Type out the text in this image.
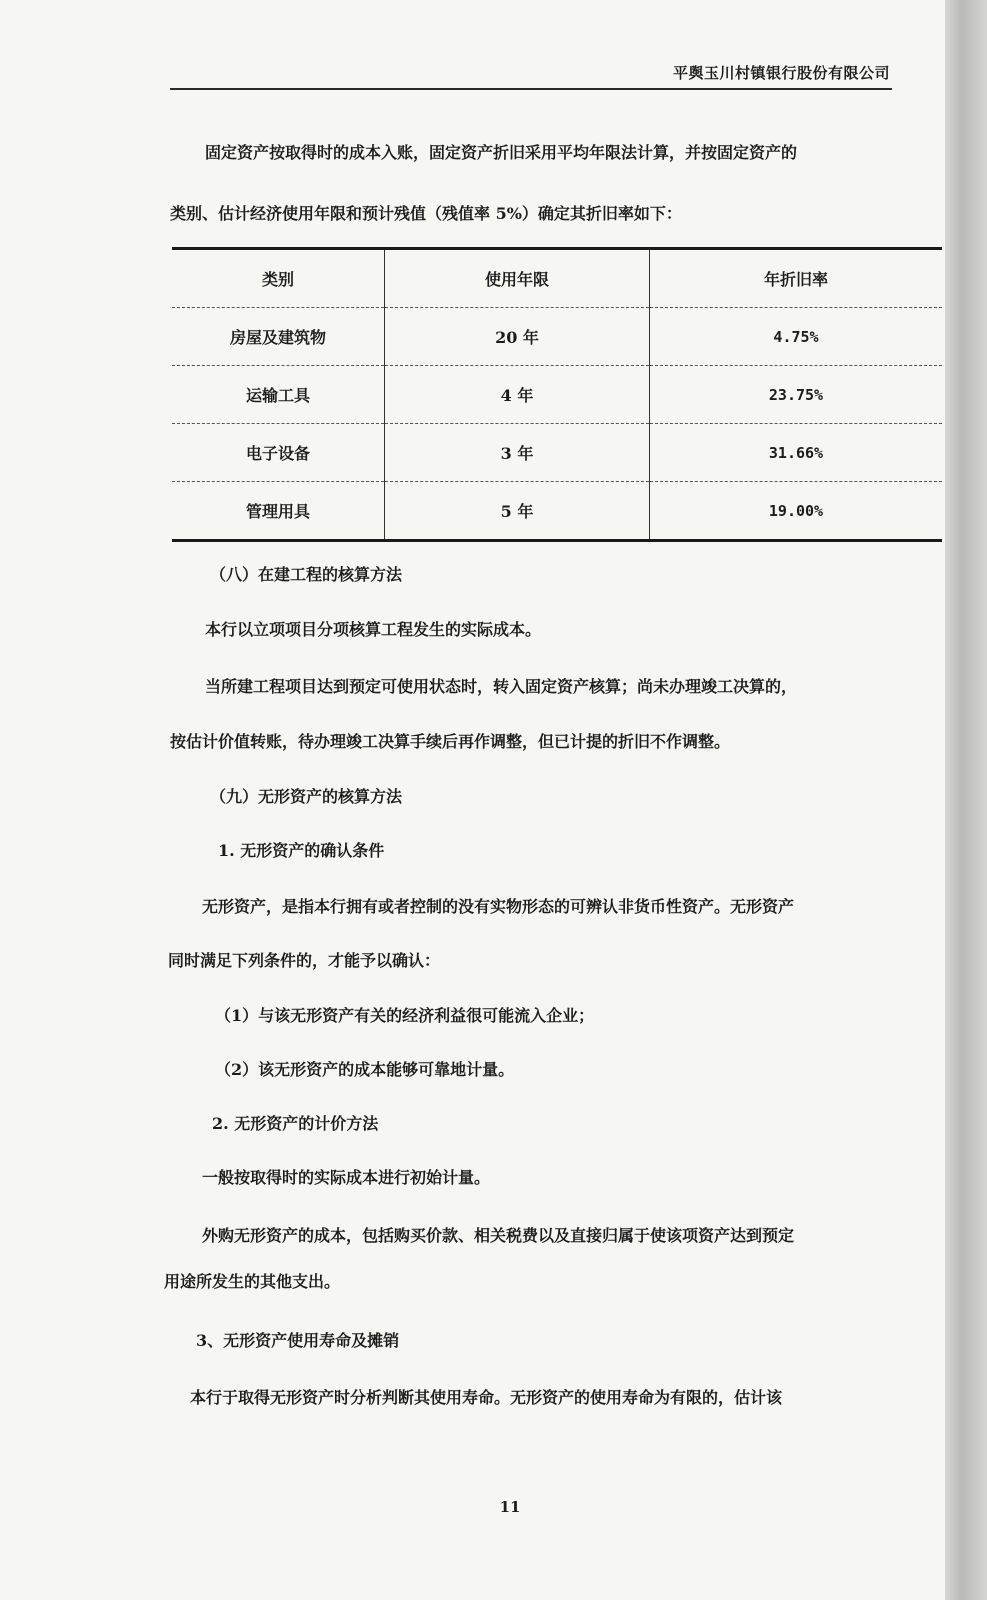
平舆玉川村镇银行股份有限公司
固定资产按取得时的成本入账，固定资产折旧采用平均年限法计算，并按固定资产的
类别、估计经济使用年限和预计残值（残值率 5%）确定其折旧率如下：
类别	使用年限	年折旧率
房屋及建筑物	20 年	4.75%
运输工具	4 年	23.75%
电子设备	3 年	31.66%
管理用具	5 年	19.00%
（八）在建工程的核算方法
本行以立项项目分项核算工程发生的实际成本。
当所建工程项目达到预定可使用状态时，转入固定资产核算；尚未办理竣工决算的，
按估计价值转账，待办理竣工决算手续后再作调整，但已计提的折旧不作调整。
（九）无形资产的核算方法
1. 无形资产的确认条件
无形资产，是指本行拥有或者控制的没有实物形态的可辨认非货币性资产。无形资产
同时满足下列条件的，才能予以确认：
（1）与该无形资产有关的经济利益很可能流入企业；
（2）该无形资产的成本能够可靠地计量。
2. 无形资产的计价方法
一般按取得时的实际成本进行初始计量。
外购无形资产的成本，包括购买价款、相关税费以及直接归属于使该项资产达到预定
用途所发生的其他支出。
3、无形资产使用寿命及摊销
本行于取得无形资产时分析判断其使用寿命。无形资产的使用寿命为有限的，估计该
11
